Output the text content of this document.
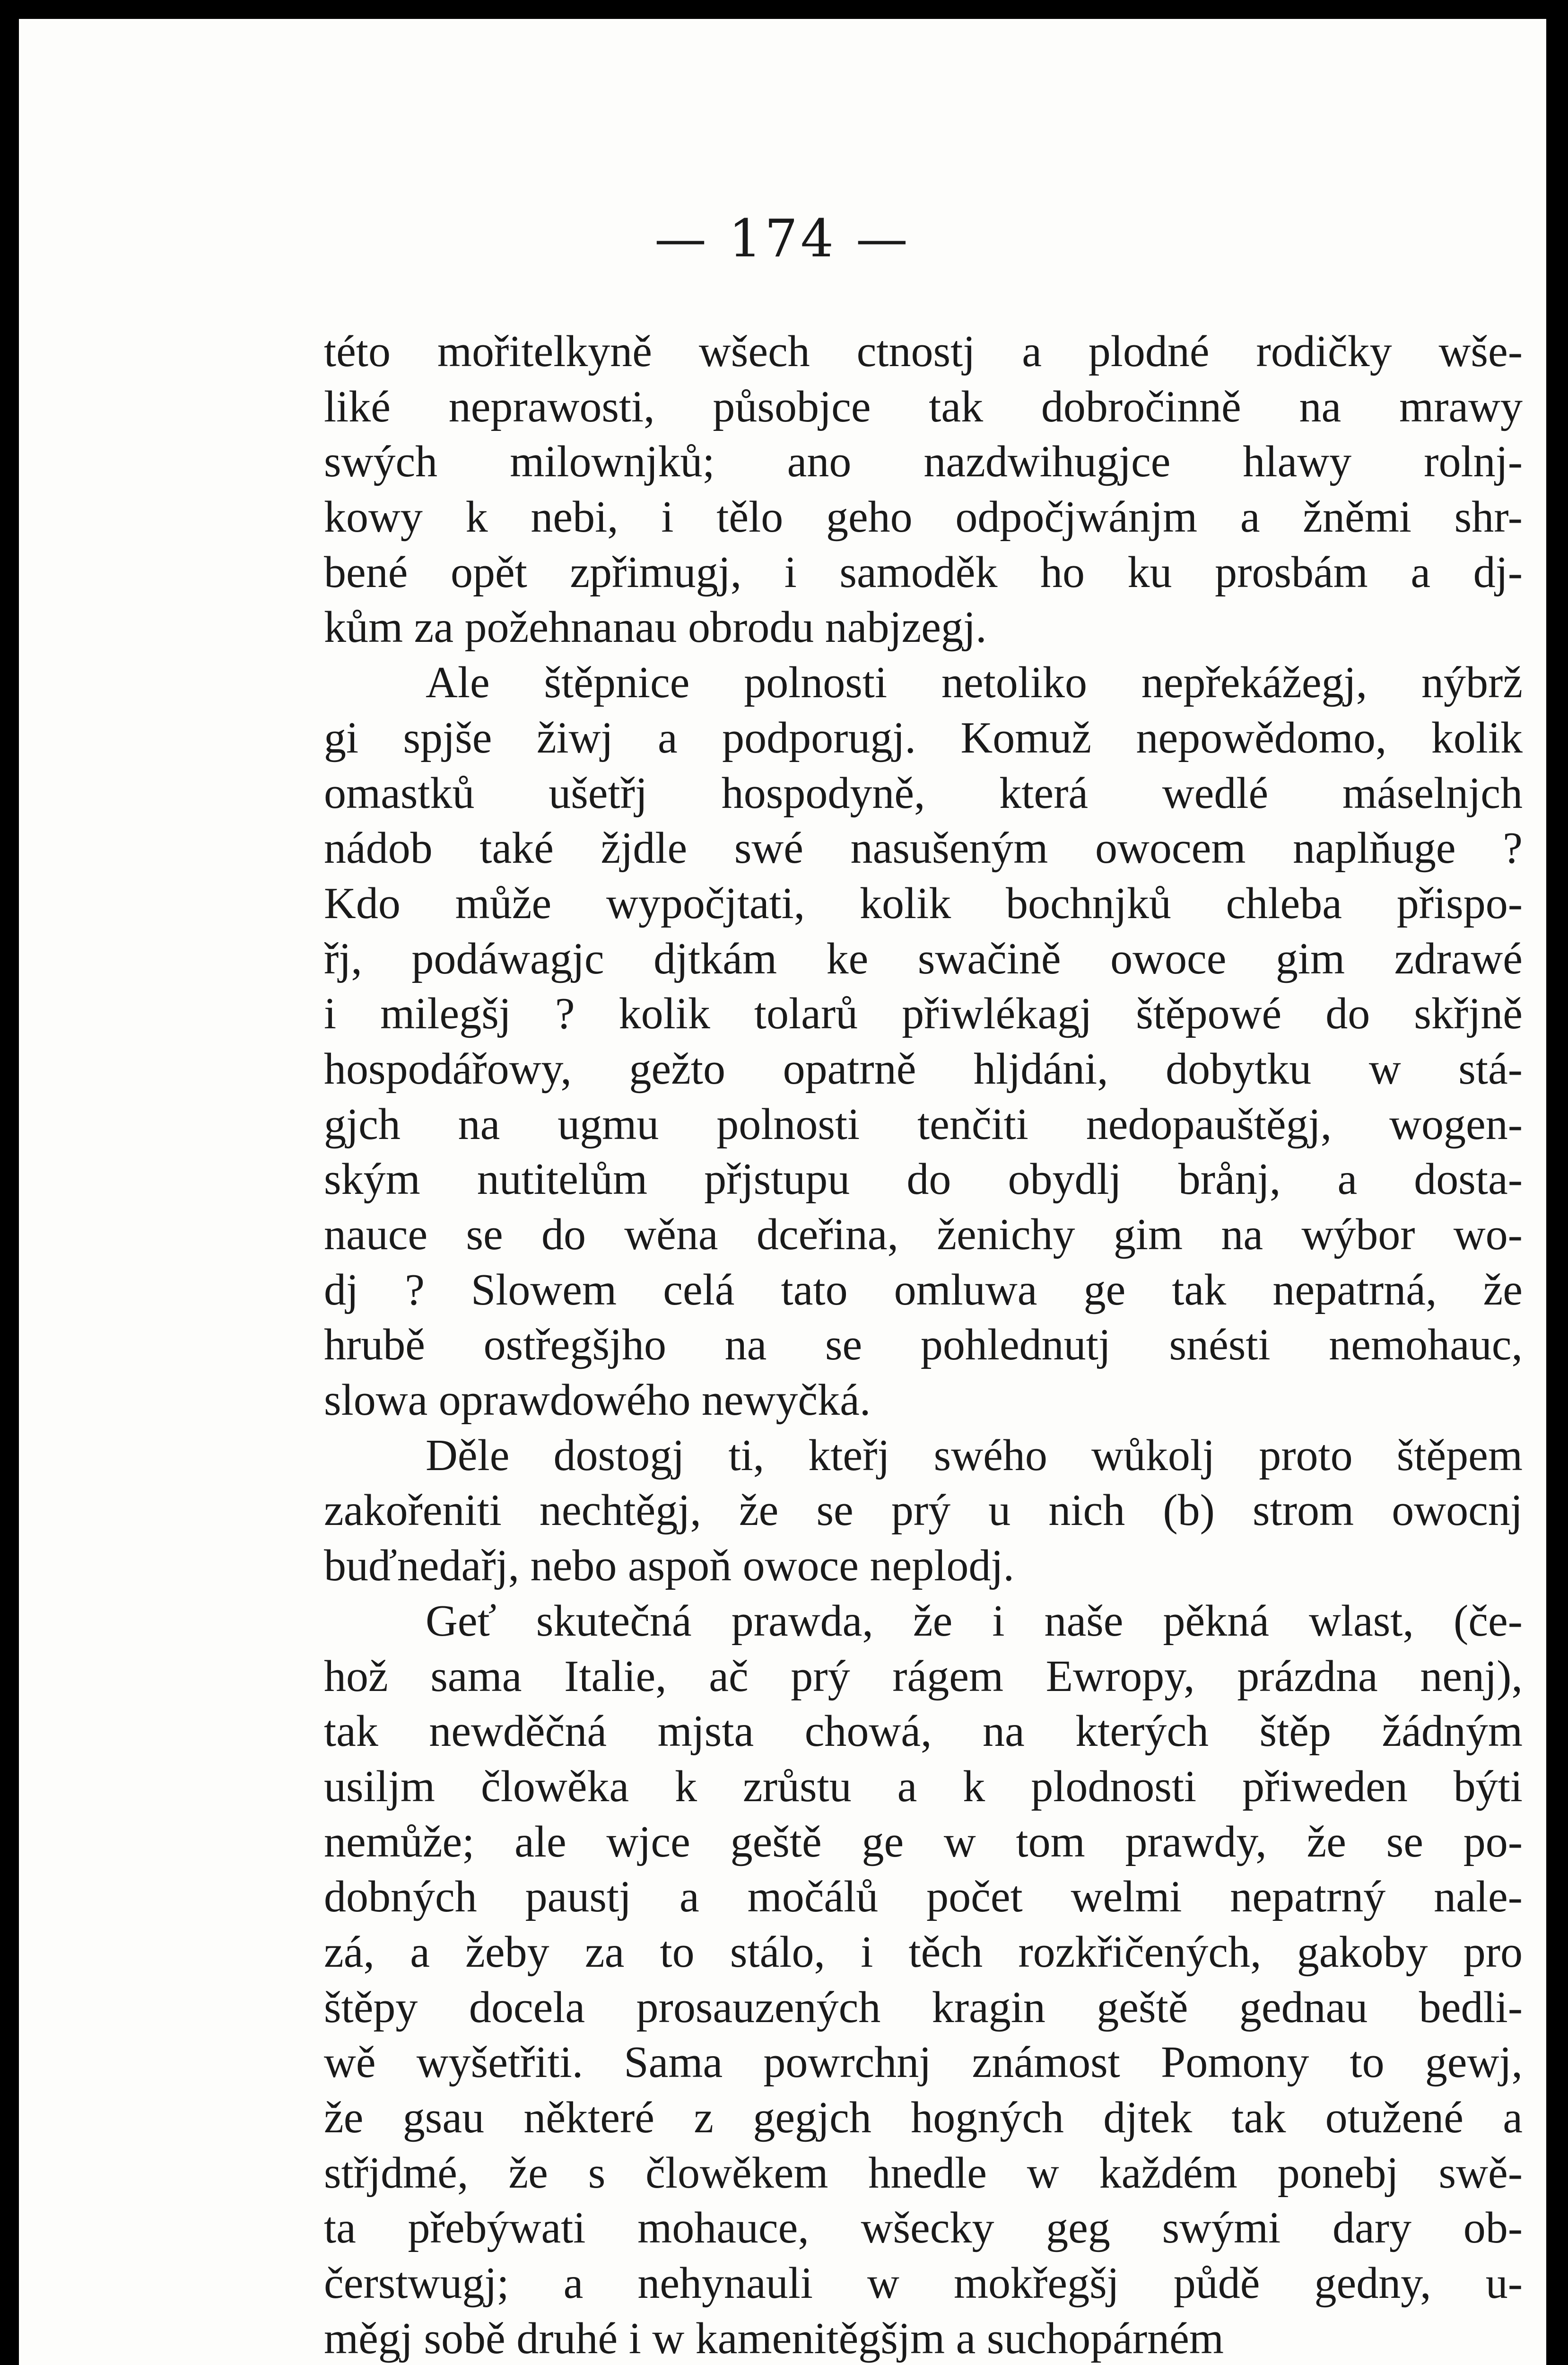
— 174 —
této mořitelkyně wšech ctnostj a plodné rodičky wše-
liké neprawosti, působjce tak dobročinně na mrawy
swých milownjků; ano nazdwihugjce hlawy rolnj-
kowy k nebi, i tělo geho odpočjwánjm a žněmi shr-
bené opět zpřimugj, i samoděk ho ku prosbám a dj-
kům za požehnanau obrodu nabjzegj.
Ale štěpnice polnosti netoliko nepřekážegj, nýbrž
gi spjše žiwj a podporugj. Komuž nepowědomo, kolik
omastků ušetřj hospodyně, která wedlé máselnjch
nádob také žjdle swé nasušeným owocem naplňuge ?
Kdo může wypočjtati, kolik bochnjků chleba přispo-
řj, podáwagjc djtkám ke swačině owoce gim zdrawé
i milegšj ? kolik tolarů přiwlékagj štěpowé do skřjně
hospodářowy, gežto opatrně hljdáni, dobytku w stá-
gjch na ugmu polnosti tenčiti nedopauštěgj, wogen-
ským nutitelům přjstupu do obydlj brånj, a dosta-
nauce se do wěna dceřina, ženichy gim na wýbor wo-
dj ? Slowem celá tato omluwa ge tak nepatrná, že
hrubě ostřegšjho na se pohlednutj snésti nemohauc,
slowa oprawdowého newyčká.
Děle dostogj ti, kteřj swého wůkolj proto štěpem
zakořeniti nechtěgj, že se prý u nich (b) strom owocnj
buďnedařj, nebo aspoň owoce neplodj.
Geť skutečná prawda, že i naše pěkná wlast, (če-
hož sama Italie, ač prý rágem Ewropy, prázdna nenj),
tak newděčná mjsta chowá, na kterých štěp žádným
usiljm člowěka k zrůstu a k plodnosti přiweden býti
nemůže; ale wjce geště ge w tom prawdy, že se po-
dobných paustj a močálů počet welmi nepatrný nale-
zá, a žeby za to stálo, i těch rozkřičených, gakoby pro
štěpy docela prosauzených kragin geště gednau bedli-
wě wyšetřiti. Sama powrchnj známost Pomony to gewj,
že gsau některé z gegjch hogných djtek tak otužené a
střjdmé, že s člowěkem hnedle w každém ponebj swě-
ta přebýwati mohauce, wšecky geg swými dary ob-
čerstwugj; a nehynauli w mokřegšj půdě gedny, u-
měgj sobě druhé i w kamenitěgšjm a suchopárném
